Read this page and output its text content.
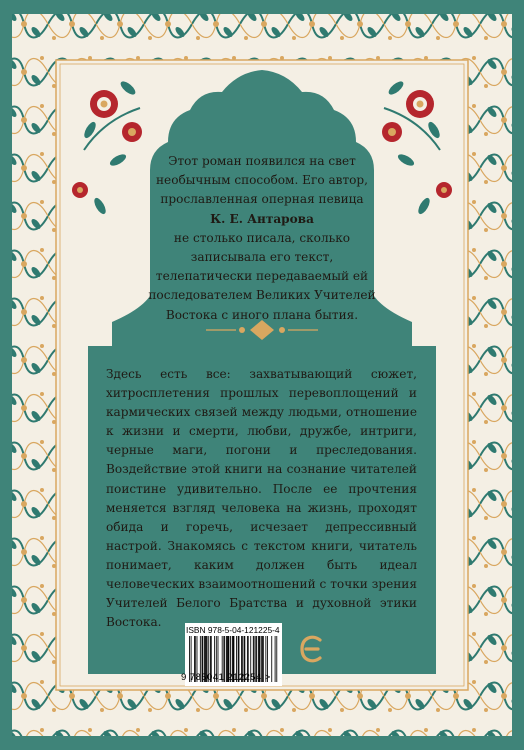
Этот роман появился на свет
необычным способом. Его автор,
прославленная оперная певица
К. Е. Антарова
не столько писала, сколько
записывала его текст,
телепатически передаваемый ей
последователем Великих Учителей
Востока с иного плана бытия.
Здесь есть все: захватывающий сюжет, хитросплетения прошлых перевоплощений и кармических связей между людьми, отношение к жизни и смерти, любви, дружбе, интриги, черные маги, погони и преследования. Воздействие этой книги на сознание читателей поистине удивительно. После ее прочтения меняется взгляд человека на жизнь, проходят обида и горечь, исчезает депрессивный настрой. Знакомясь с текстом книги, читатель понимает, каким должен быть идеал человеческих взаимоотношений с точки зрения Учителей Белого Братства и духовной этики Востока.
ISBN 978-5-04-121225-4
9 785041 212254 >
